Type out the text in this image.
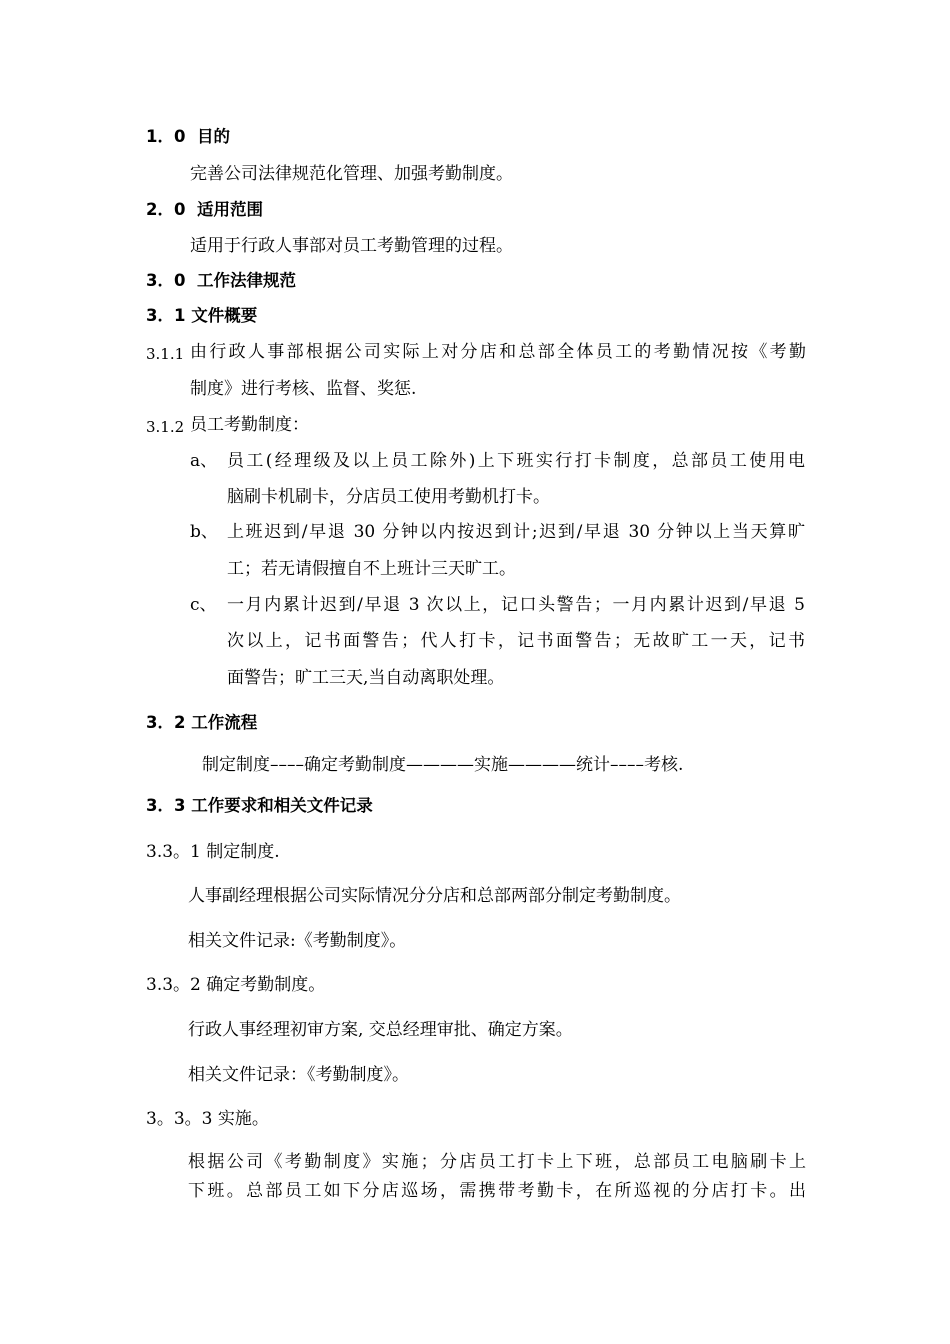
1．0 目的
完善公司法律规范化管理、加强考勤制度。
2．0 适用范围
适用于行政人事部对员工考勤管理的过程。
3．0 工作法律规范
3．1 文件概要
3.1.1 由行政人事部根据公司实际上对分店和总部全体员工的考勤情况按《考勤
制度》进行考核、监督、奖惩.
3.1.2 员工考勤制度：
a、 员工(经理级及以上员工除外)上下班实行打卡制度，总部员工使用电
脑刷卡机刷卡，分店员工使用考勤机打卡。
b、 上班迟到/早退 30 分钟以内按迟到计;迟到/早退 30 分钟以上当天算旷
工；若无请假擅自不上班计三天旷工。
c、 一月内累计迟到/早退 3 次以上，记口头警告；一月内累计迟到/早退 5
次以上，记书面警告；代人打卡，记书面警告；无故旷工一天，记书
面警告；旷工三天,当自动离职处理。
3．2 工作流程
制定制度––––确定考勤制度————实施————统计––––考核.
3．3 工作要求和相关文件记录
3.3。1 制定制度.
人事副经理根据公司实际情况分分店和总部两部分制定考勤制度。
相关文件记录:《考勤制度》。
3.3。2 确定考勤制度。
行政人事经理初审方案, 交总经理审批、确定方案。
相关文件记录：《考勤制度》。
3。3。3 实施。
根据公司《考勤制度》实施；分店员工打卡上下班，总部员工电脑刷卡上
下班。总部员工如下分店巡场，需携带考勤卡，在所巡视的分店打卡。出
